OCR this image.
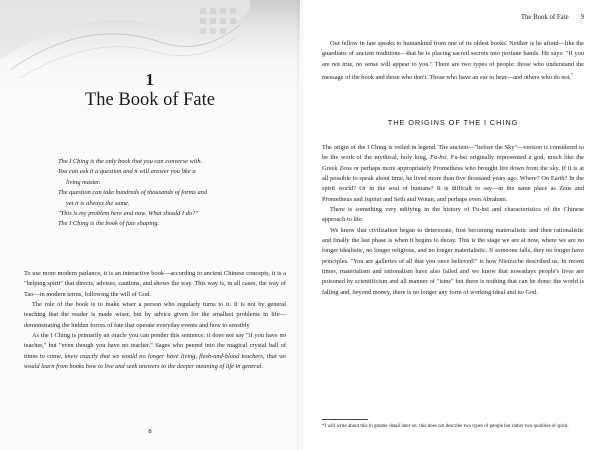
1
The Book of Fate
The I Ching is the only book that you can converse with.
You can ask it a question and it will answer you like a
living master.
The question can take hundreds of thousands of forms and
yet it is always the same.
"This is my problem here and now. What should I do?"
The I Ching is the book of fate shaping.

To use more modern parlance, it is an interactive book—according to ancient Chinese concepts, it is a "helping spirit" that directs, advises, cautions, and shows the way. This way is, in all cases, the way of Tao—in modern terms, following the will of God.

The role of the book is to make wiser a person who regularly turns to it. It is not by general teaching that the reader is made wiser, but by advice given for the smallest problems in life—demonstrating the hidden forces of fate that operate everyday events and how to sensibly

As the I Ching is primarily an oracle you can ponder this sentence: it does not say "if you have no teacher," but "even though you have no teacher." Sages who peered into the magical crystal ball of times to come, knew exactly that we would no longer have living, flesh-and-blood teachers, that we would learn from books how to live and seek answers to the deeper meaning of life in general.

8
The Book of Fate 9

Our fellow in fate speaks to humankind from one of its oldest books. Neither is he afraid—like the guardians of ancient traditions—that he is placing sacred secrets into profane hands. He says: "If you are not true, no sense will appear to you." There are two types of people: those who understand the message of the book and those who don't. Those who have an ear to hear—and others who do not.*

THE ORIGINS OF THE I CHING

The origin of the I Ching is veiled in legend. The ancient—"before the Sky"—version is considered to be the work of the mythical, holy king, Fu-hsi. Fu-hsi originally represented a god, much like the Greek Zeus or perhaps more appropriately Prometheus who brought fire down from the sky. If it is at all possible to speak about time, he lived more than five thousand years ago. Where? On Earth? In the spirit world? Or in the soul of humans? It is difficult to say—in the same place as Zeus and Prometheus and Jupiter and Seth and Wotan, and perhaps even Abraham.

There is something very edifying in the history of Fu-hsi and characteristics of the Chinese approach to life.

We know that civilization began to deteriorate, first becoming materialistic and then rationalistic and finally the last phase is when it begins to decay. This is the stage we are at now, where we are no longer idealistic, no longer religious, and no longer materialistic. If someone falls, they no longer have principles. "You are galleries of all that you once believed!" is how Nietzsche described us. In recent times, materialism and rationalism have also failed and we know that nowadays people's lives are poisoned by scientificism and all manner of "isms" but there is nothing that can be done: the world is falling and, beyond money, there is no longer any form of working ideal and no God.

*I will write about this in greater detail later on: this does not describe two types of people but rather two qualities of spirit.
